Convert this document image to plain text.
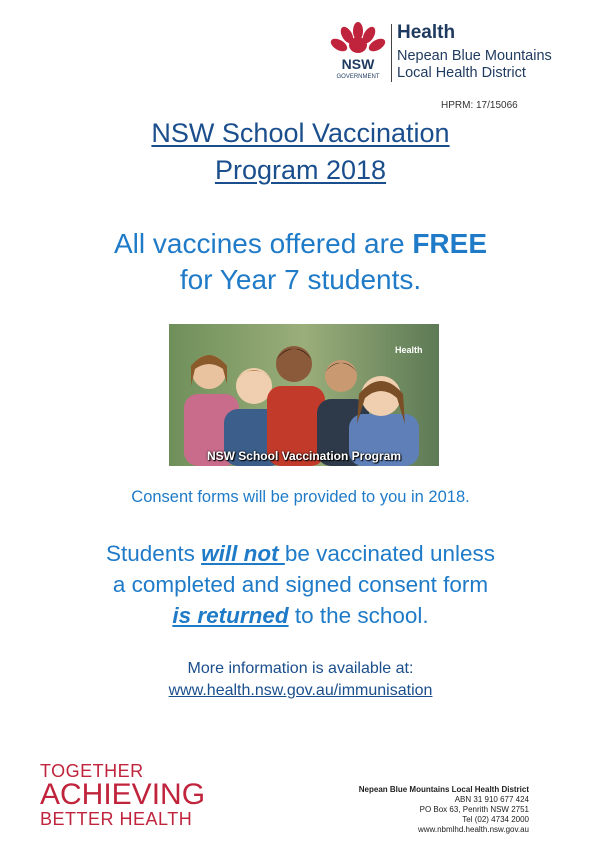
NSW
GOVERNMENT
Health
Nepean Blue Mountains
Local Health District
HPRM: 17/15066
NSW School Vaccination
Program 2018
All vaccines offered are FREE
for Year 7 students.
Health
NSW School Vaccination Program
Consent forms will be provided to you in 2018.
Students will not be vaccinated unless
a completed and signed consent form
is returned to the school.
More information is available at:
www.health.nsw.gov.au/immunisation
TOGETHER
ACHIEVING
BETTER HEALTH
Nepean Blue Mountains Local Health District
ABN 31 910 677 424
PO Box 63, Penrith NSW 2751
Tel (02) 4734 2000
www.nbmlhd.health.nsw.gov.au
